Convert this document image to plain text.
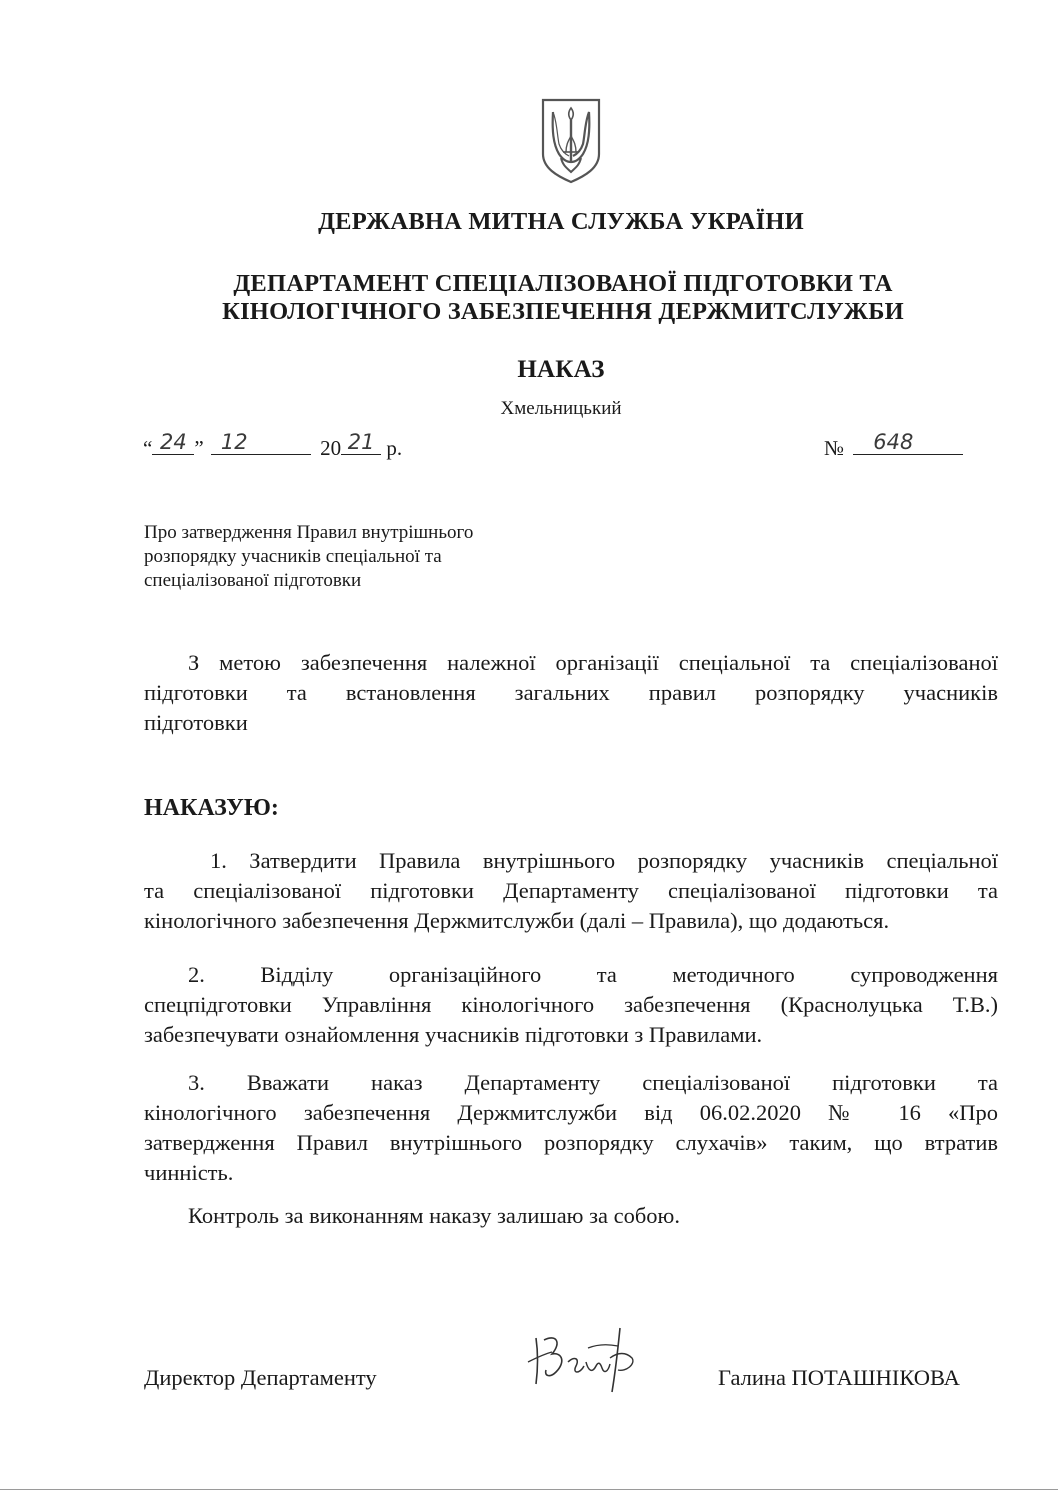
ДЕРЖАВНА МИТНА СЛУЖБА УКРАЇНИ
ДЕПАРТАМЕНТ СПЕЦІАЛІЗОВАНОЇ ПІДГОТОВКИ ТА
КІНОЛОГІЧНОГО ЗАБЕЗПЕЧЕННЯ ДЕРЖМИТСЛУЖБИ
НАКАЗ
Хмельницький
“ 24 ” 12	20 21 р.	№	648
Про затвердження Правил внутрішнього
розпорядку учасників спеціальної та
спеціалізованої підготовки
З метою забезпечення належної організації спеціальної та спеціалізованої
підготовки та встановлення загальних правил розпорядку учасників
підготовки
НАКАЗУЮ:
1. Затвердити Правила внутрішнього розпорядку учасників спеціальної
та спеціалізованої підготовки Департаменту спеціалізованої підготовки та
кінологічного забезпечення Держмитслужби (далі – Правила), що додаються.
2. Відділу організаційного та методичного супроводження
спецпідготовки Управління кінологічного забезпечення (Краснолуцька Т.В.)
забезпечувати ознайомлення учасників підготовки з Правилами.
3. Вважати наказ Департаменту спеціалізованої підготовки та
кінологічного забезпечення Держмитслужби від 06.02.2020 № 16 «Про
затвердження Правил внутрішнього розпорядку слухачів» таким, що втратив
чинність.
Контроль за виконанням наказу залишаю за собою.
Директор Департаменту	Галина ПОТАШНІКОВА
